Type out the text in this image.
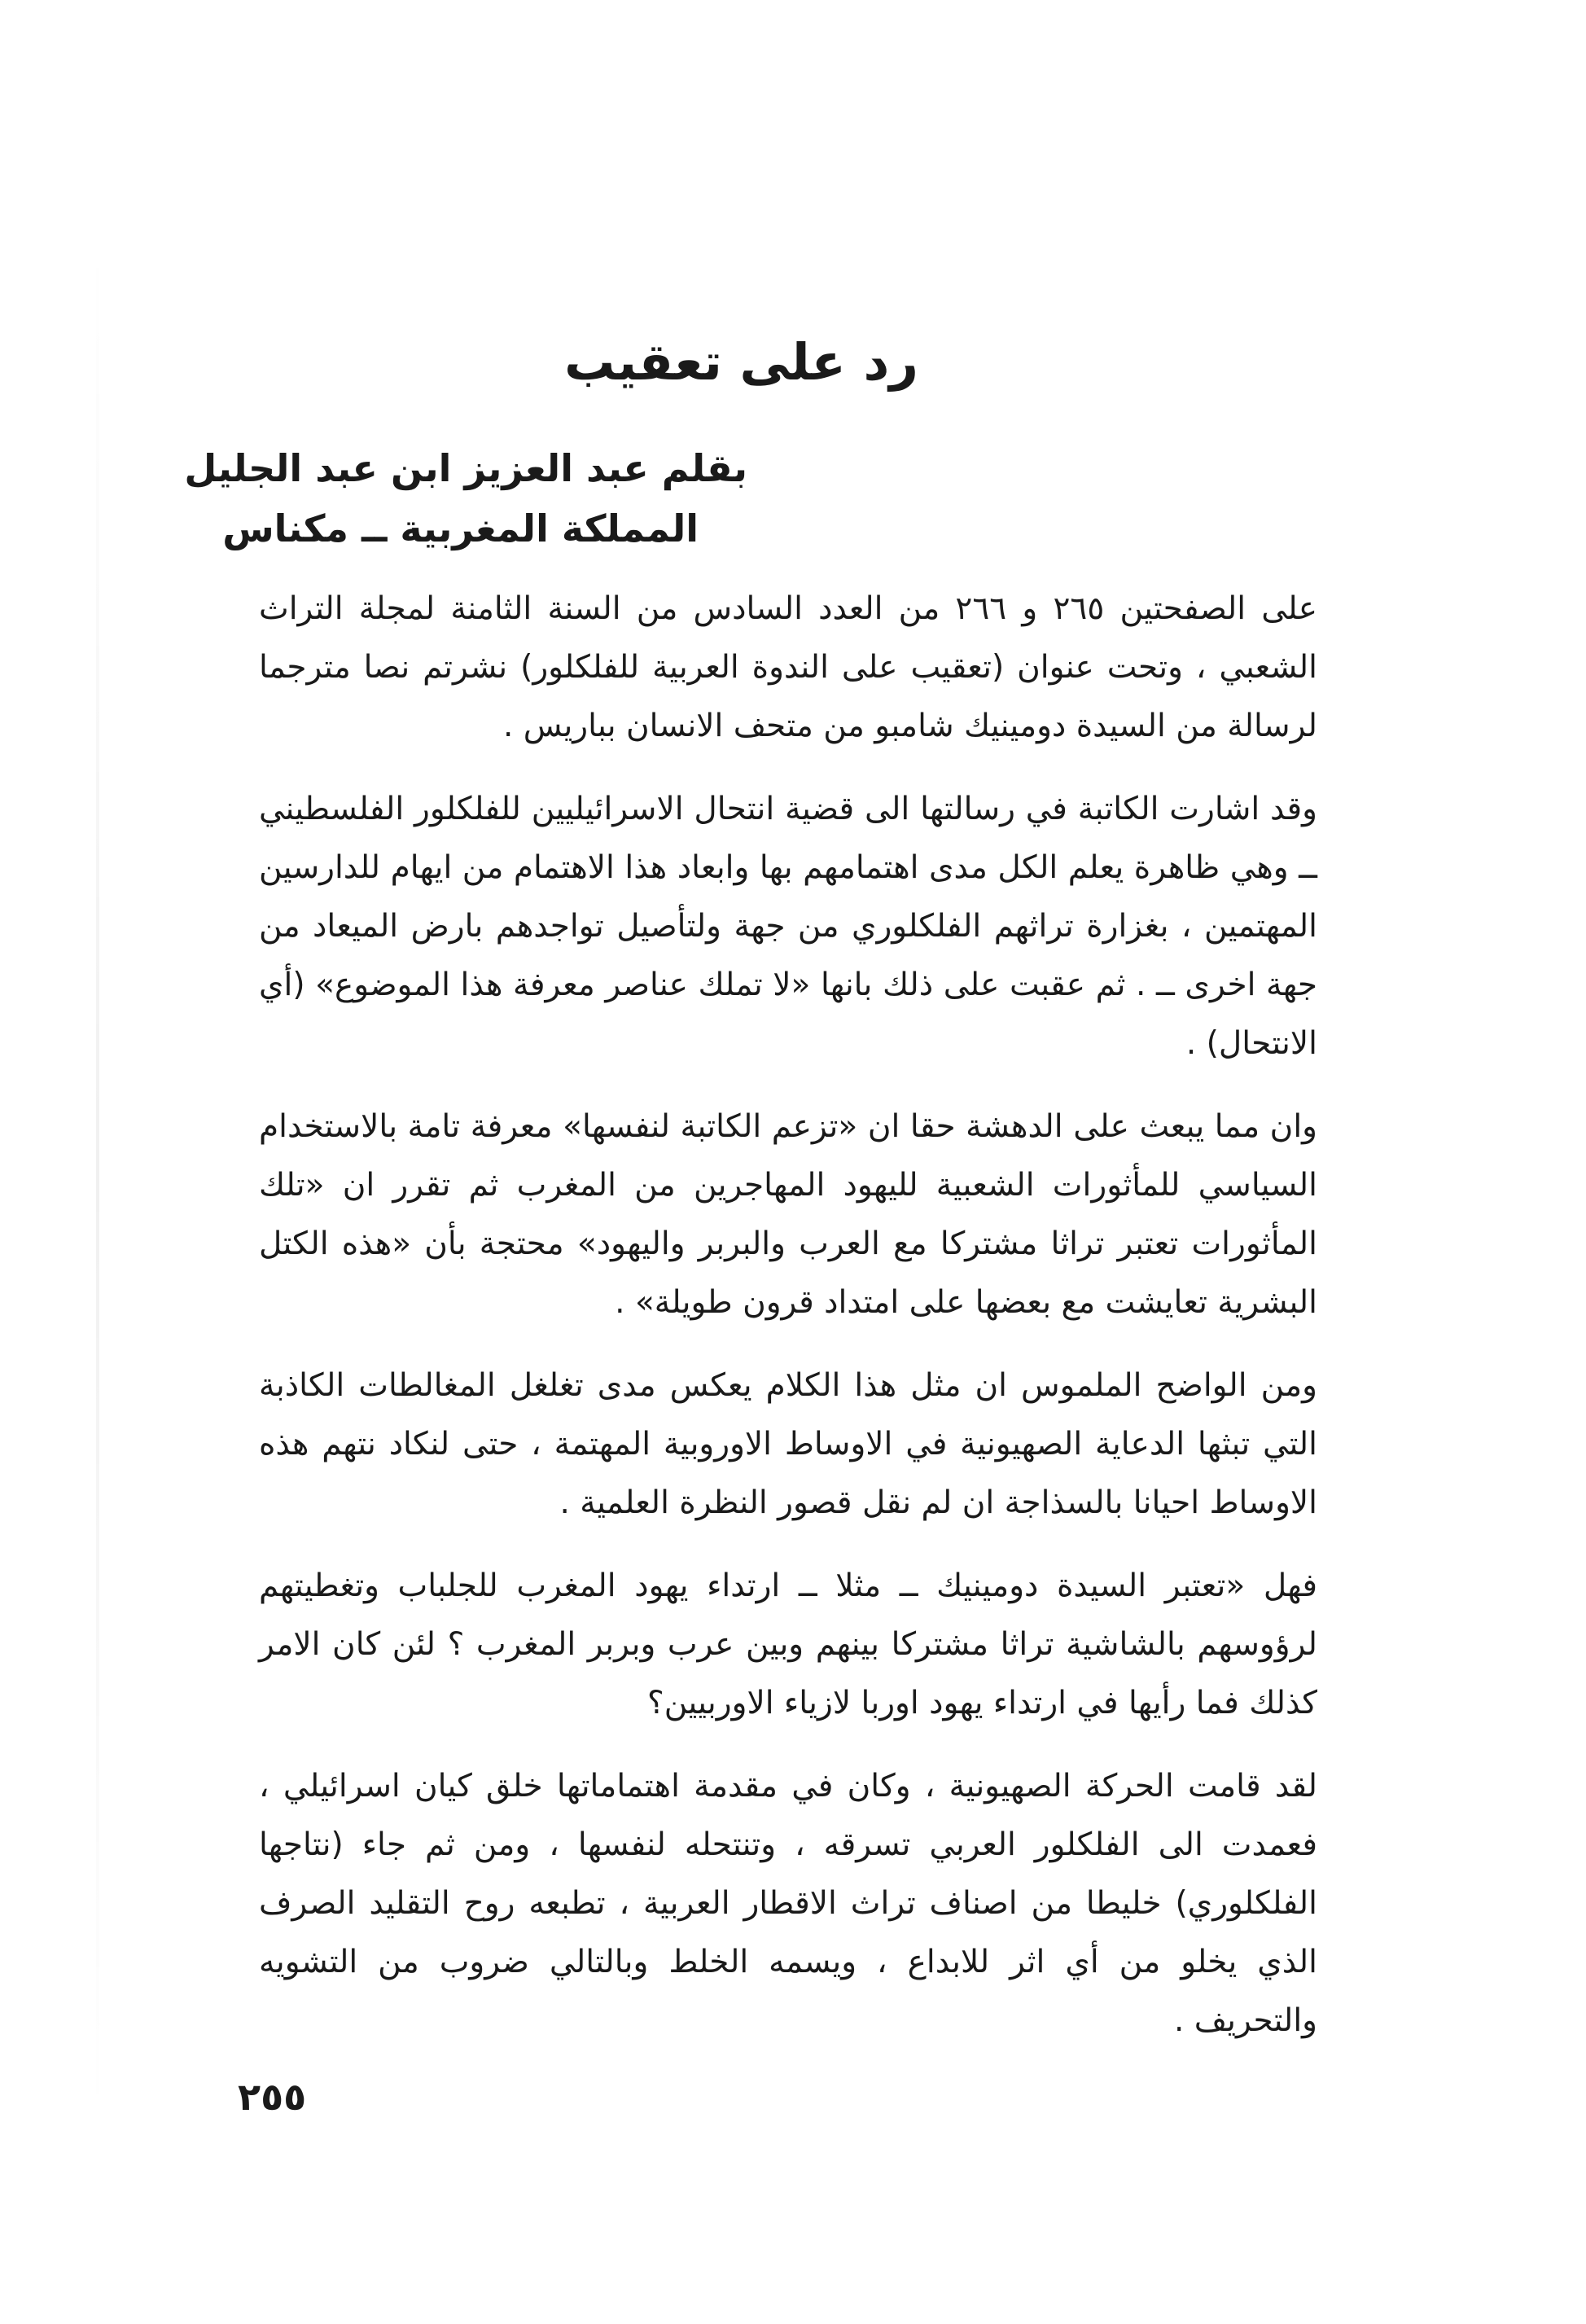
رد على تعقيب
بقلم عبد العزيز ابن عبد الجليل
المملكة المغربية ــ مكناس

على الصفحتين ٢٦٥ و ٢٦٦ من العدد السادس من السنة الثامنة لمجلة التراث الشعبي ، وتحت عنوان (تعقيب على الندوة العربية للفلكلور) نشرتم نصا مترجما لرسالة من السيدة دومينيك شامبو من متحف الانسان بباريس .

وقد اشارت الكاتبة في رسالتها الى قضية انتحال الاسرائيليين للفلكلور الفلسطيني ــ وهي ظاهرة يعلم الكل مدى اهتمامهم بها وابعاد هذا الاهتمام من ايهام للدارسين المهتمين ، بغزارة تراثهم الفلكلوري من جهة ولتأصيل تواجدهم بارض الميعاد من جهة اخرى ــ . ثم عقبت على ذلك بانها «لا تملك عناصر معرفة هذا الموضوع» (أي الانتحال) .

وان مما يبعث على الدهشة حقا ان «تزعم الكاتبة لنفسها» معرفة تامة بالاستخدام السياسي للمأثورات الشعبية لليهود المهاجرين من المغرب ثم تقرر ان «تلك المأثورات تعتبر تراثا مشتركا مع العرب والبربر واليهود» محتجة بأن «هذه الكتل البشرية تعايشت مع بعضها على امتداد قرون طويلة» .

ومن الواضح الملموس ان مثل هذا الكلام يعكس مدى تغلغل المغالطات الكاذبة التي تبثها الدعاية الصهيونية في الاوساط الاوروبية المهتمة ، حتى لنكاد نتهم هذه الاوساط احيانا بالسذاجة ان لم نقل قصور النظرة العلمية .

فهل «تعتبر السيدة دومينيك ــ مثلا ــ ارتداء يهود المغرب للجلباب وتغطيتهم لرؤوسهم بالشاشية تراثا مشتركا بينهم وبين عرب وبربر المغرب ؟ لئن كان الامر كذلك فما رأيها في ارتداء يهود اوربا لازياء الاوربيين؟

لقد قامت الحركة الصهيونية ، وكان في مقدمة اهتماماتها خلق كيان اسرائيلي ، فعمدت الى الفلكلور العربي تسرقه ، وتنتحله لنفسها ، ومن ثم جاء (نتاجها الفلكلوري) خليطا من اصناف تراث الاقطار العربية ، تطبعه روح التقليد الصرف الذي يخلو من أي اثر للابداع ، ويسمه الخلط وبالتالي ضروب من التشويه والتحريف .

٢٥٥
